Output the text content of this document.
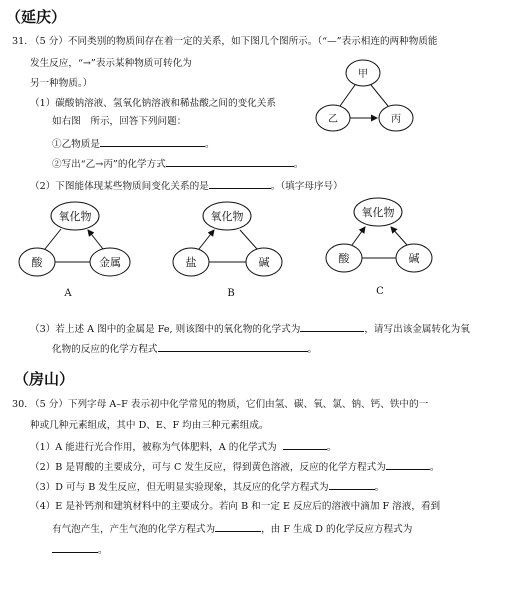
（延庆）
31. （5 分）不同类别的物质间存在着一定的关系，如下图几个图所示。（“—”表示相连的两种物质能
发生反应，“→”表示某种物质可转化为
另一种物质。）
（1）碳酸钠溶液、氢氧化钠溶液和稀盐酸之间的变化关系
如右图　所示，回答下列问题：
①乙物质是	。
②写出“乙→丙”的化学方式	。
甲
乙	丙
（2）下图能体现某些物质间变化关系的是	。（填字母序号）
氧化物
酸	金属
A
氧化物
盐	碱
B
氧化物
酸	碱
C
（3）若上述 A 图中的金属是 Fe, 则该图中的氧化物的化学式为	，请写出该金属转化为氧
化物的反应的化学方程式	。
（房山）
30. （5 分）下列字母 A–F 表示初中化学常见的物质，它们由氢、碳、氧、氯、钠、钙、铁中的一
种或几种元素组成，其中 D、E、F 均由三种元素组成。
（1）A 能进行光合作用，被称为气体肥料，A 的化学式为	。
（2）B 是胃酸的主要成分，可与 C 发生反应，得到黄色溶液，反应的化学方程式为	。
（3）D 可与 B 发生反应，但无明显实验现象，其反应的化学方程式为	。
（4）E 是补钙剂和建筑材料中的主要成分。若向 B 和一定 E 反应后的溶液中滴加 F 溶液，看到
有气泡产生，产生气泡的化学方程式为	，由 F 生成 D 的化学反应方程式为
。
